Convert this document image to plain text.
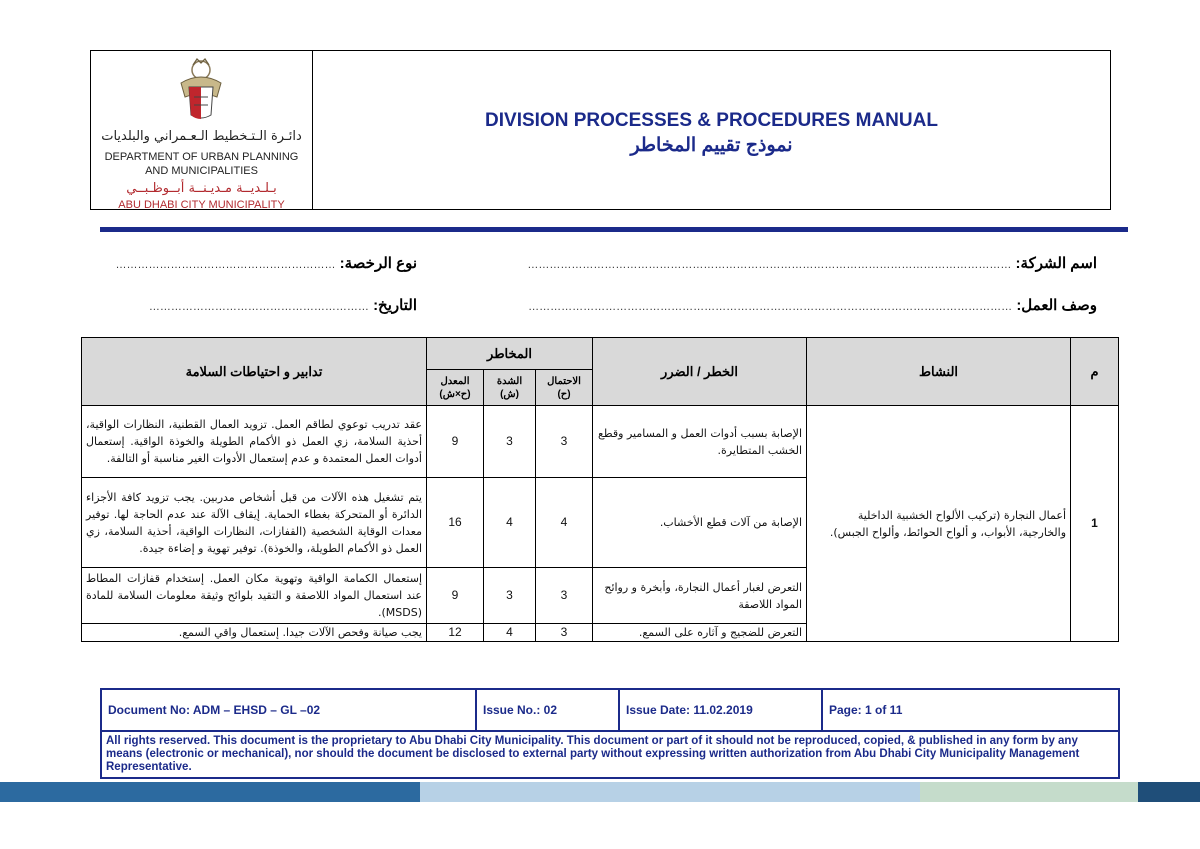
دائـرة الـتـخطيط الـعـمراني والبلديات
DEPARTMENT OF URBAN PLANNING
AND MUNICIPALITIES
بـلـديــة مـديـنــة أبــوظـبــي
ABU DHABI CITY MUNICIPALITY
DIVISION PROCESSES & PROCEDURES MANUAL
نموذج تقييم المخاطر
اسم الشركة: ……………………………………………………………………………………………………………………
نوع الرخصة: ……………………………………………………
وصف العمل: ……………………………………………………………………………………………………………………
التاريخ: ……………………………………………………
م	النشاط	الخطر / الضرر	المخاطر			تدابير و احتياطات السلامة
			الاحتمال (ح)	الشدة (ش)	المعدل (ح×ش)	
1	أعمال النجارة (تركيب الألواح الخشبية الداخلية والخارجية، الأبواب، و ألواح الحوائط، وألواح الجبس).	الإصابة بسبب أدوات العمل و المسامير وقطع الخشب المتطايرة.	3	3	9	عقد تدريب توعوي لطاقم العمل. تزويد العمال القطنية، النظارات الواقية، أحذية السلامة، زي العمل ذو الأكمام الطويلة والخوذة الواقية. إستعمال أدوات العمل المعتمدة و عدم إستعمال الأدوات الغير مناسبة أو التالفة.
		الإصابة من آلات قطع الأخشاب.	4	4	16	يتم تشغيل هذه الآلات من قبل أشخاص مدربين. يجب تزويد كافة الأجزاء الدائرة أو المتحركة بغطاء الحماية. إيقاف الآلة عند عدم الحاجة لها. توفير معدات الوقاية الشخصية (القفازات، النظارات الواقية، أحذية السلامة، زي العمل ذو الأكمام الطويلة، والخوذة). توفير تهوية و إضاءة جيدة.
		التعرض لغبار أعمال النجارة، وأبخرة و روائح المواد اللاصقة	3	3	9	إستعمال الكمامة الواقية وتهوية مكان العمل. إستخدام قفازات المطاط عند استعمال المواد اللاصقة و التقيد بلوائح وثيقة معلومات السلامة للمادة (MSDS).
		التعرض للضجيج و آثاره على السمع.	3	4	12	يجب صيانة وفحص الآلات جيدا. إستعمال واقي السمع.
Document No: ADM – EHSD – GL –02	Issue No.: 02	Issue Date: 11.02.2019	Page: 1 of 11
All rights reserved. This document is the proprietary to Abu Dhabi City Municipality. This document or part of it should not be reproduced, copied, & published in any form by any means (electronic or mechanical), nor should the document be disclosed to external party without expressing written authorization from Abu Dhabi City Municipality Management Representative.
